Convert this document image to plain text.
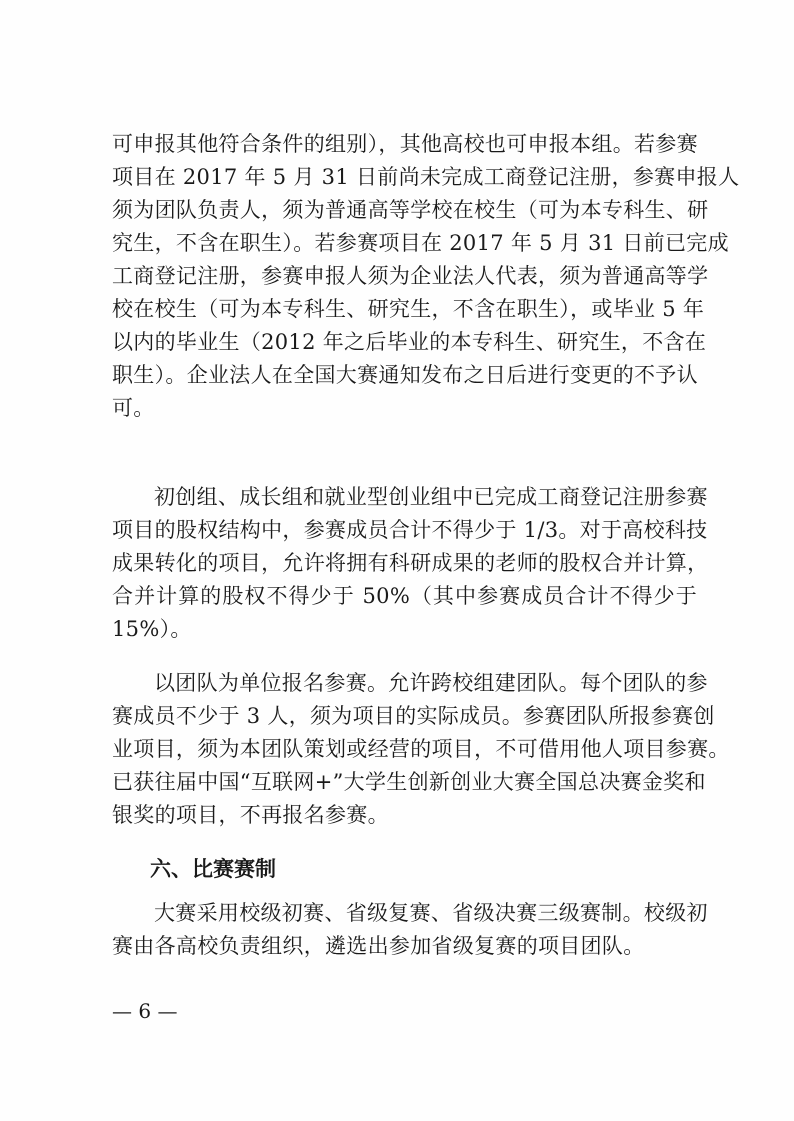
可申报其他符合条件的组别），其他高校也可申报本组。若参赛
项目在 2017 年 5 月 31 日前尚未完成工商登记注册，参赛申报人
须为团队负责人，须为普通高等学校在校生（可为本专科生、研
究生，不含在职生）。若参赛项目在 2017 年 5 月 31 日前已完成
工商登记注册，参赛申报人须为企业法人代表，须为普通高等学
校在校生（可为本专科生、研究生，不含在职生），或毕业 5 年
以内的毕业生（2012 年之后毕业的本专科生、研究生，不含在
职生）。企业法人在全国大赛通知发布之日后进行变更的不予认
可。
初创组、成长组和就业型创业组中已完成工商登记注册参赛
项目的股权结构中，参赛成员合计不得少于 1/3。对于高校科技
成果转化的项目，允许将拥有科研成果的老师的股权合并计算，
合并计算的股权不得少于 50%（其中参赛成员合计不得少于
15%）。
以团队为单位报名参赛。允许跨校组建团队。每个团队的参
赛成员不少于 3 人，须为项目的实际成员。参赛团队所报参赛创
业项目，须为本团队策划或经营的项目，不可借用他人项目参赛。
已获往届中国“互联网+”大学生创新创业大赛全国总决赛金奖和
银奖的项目，不再报名参赛。
六、比赛赛制
大赛采用校级初赛、省级复赛、省级决赛三级赛制。校级初
赛由各高校负责组织，遴选出参加省级复赛的项目团队。
— 6 —
